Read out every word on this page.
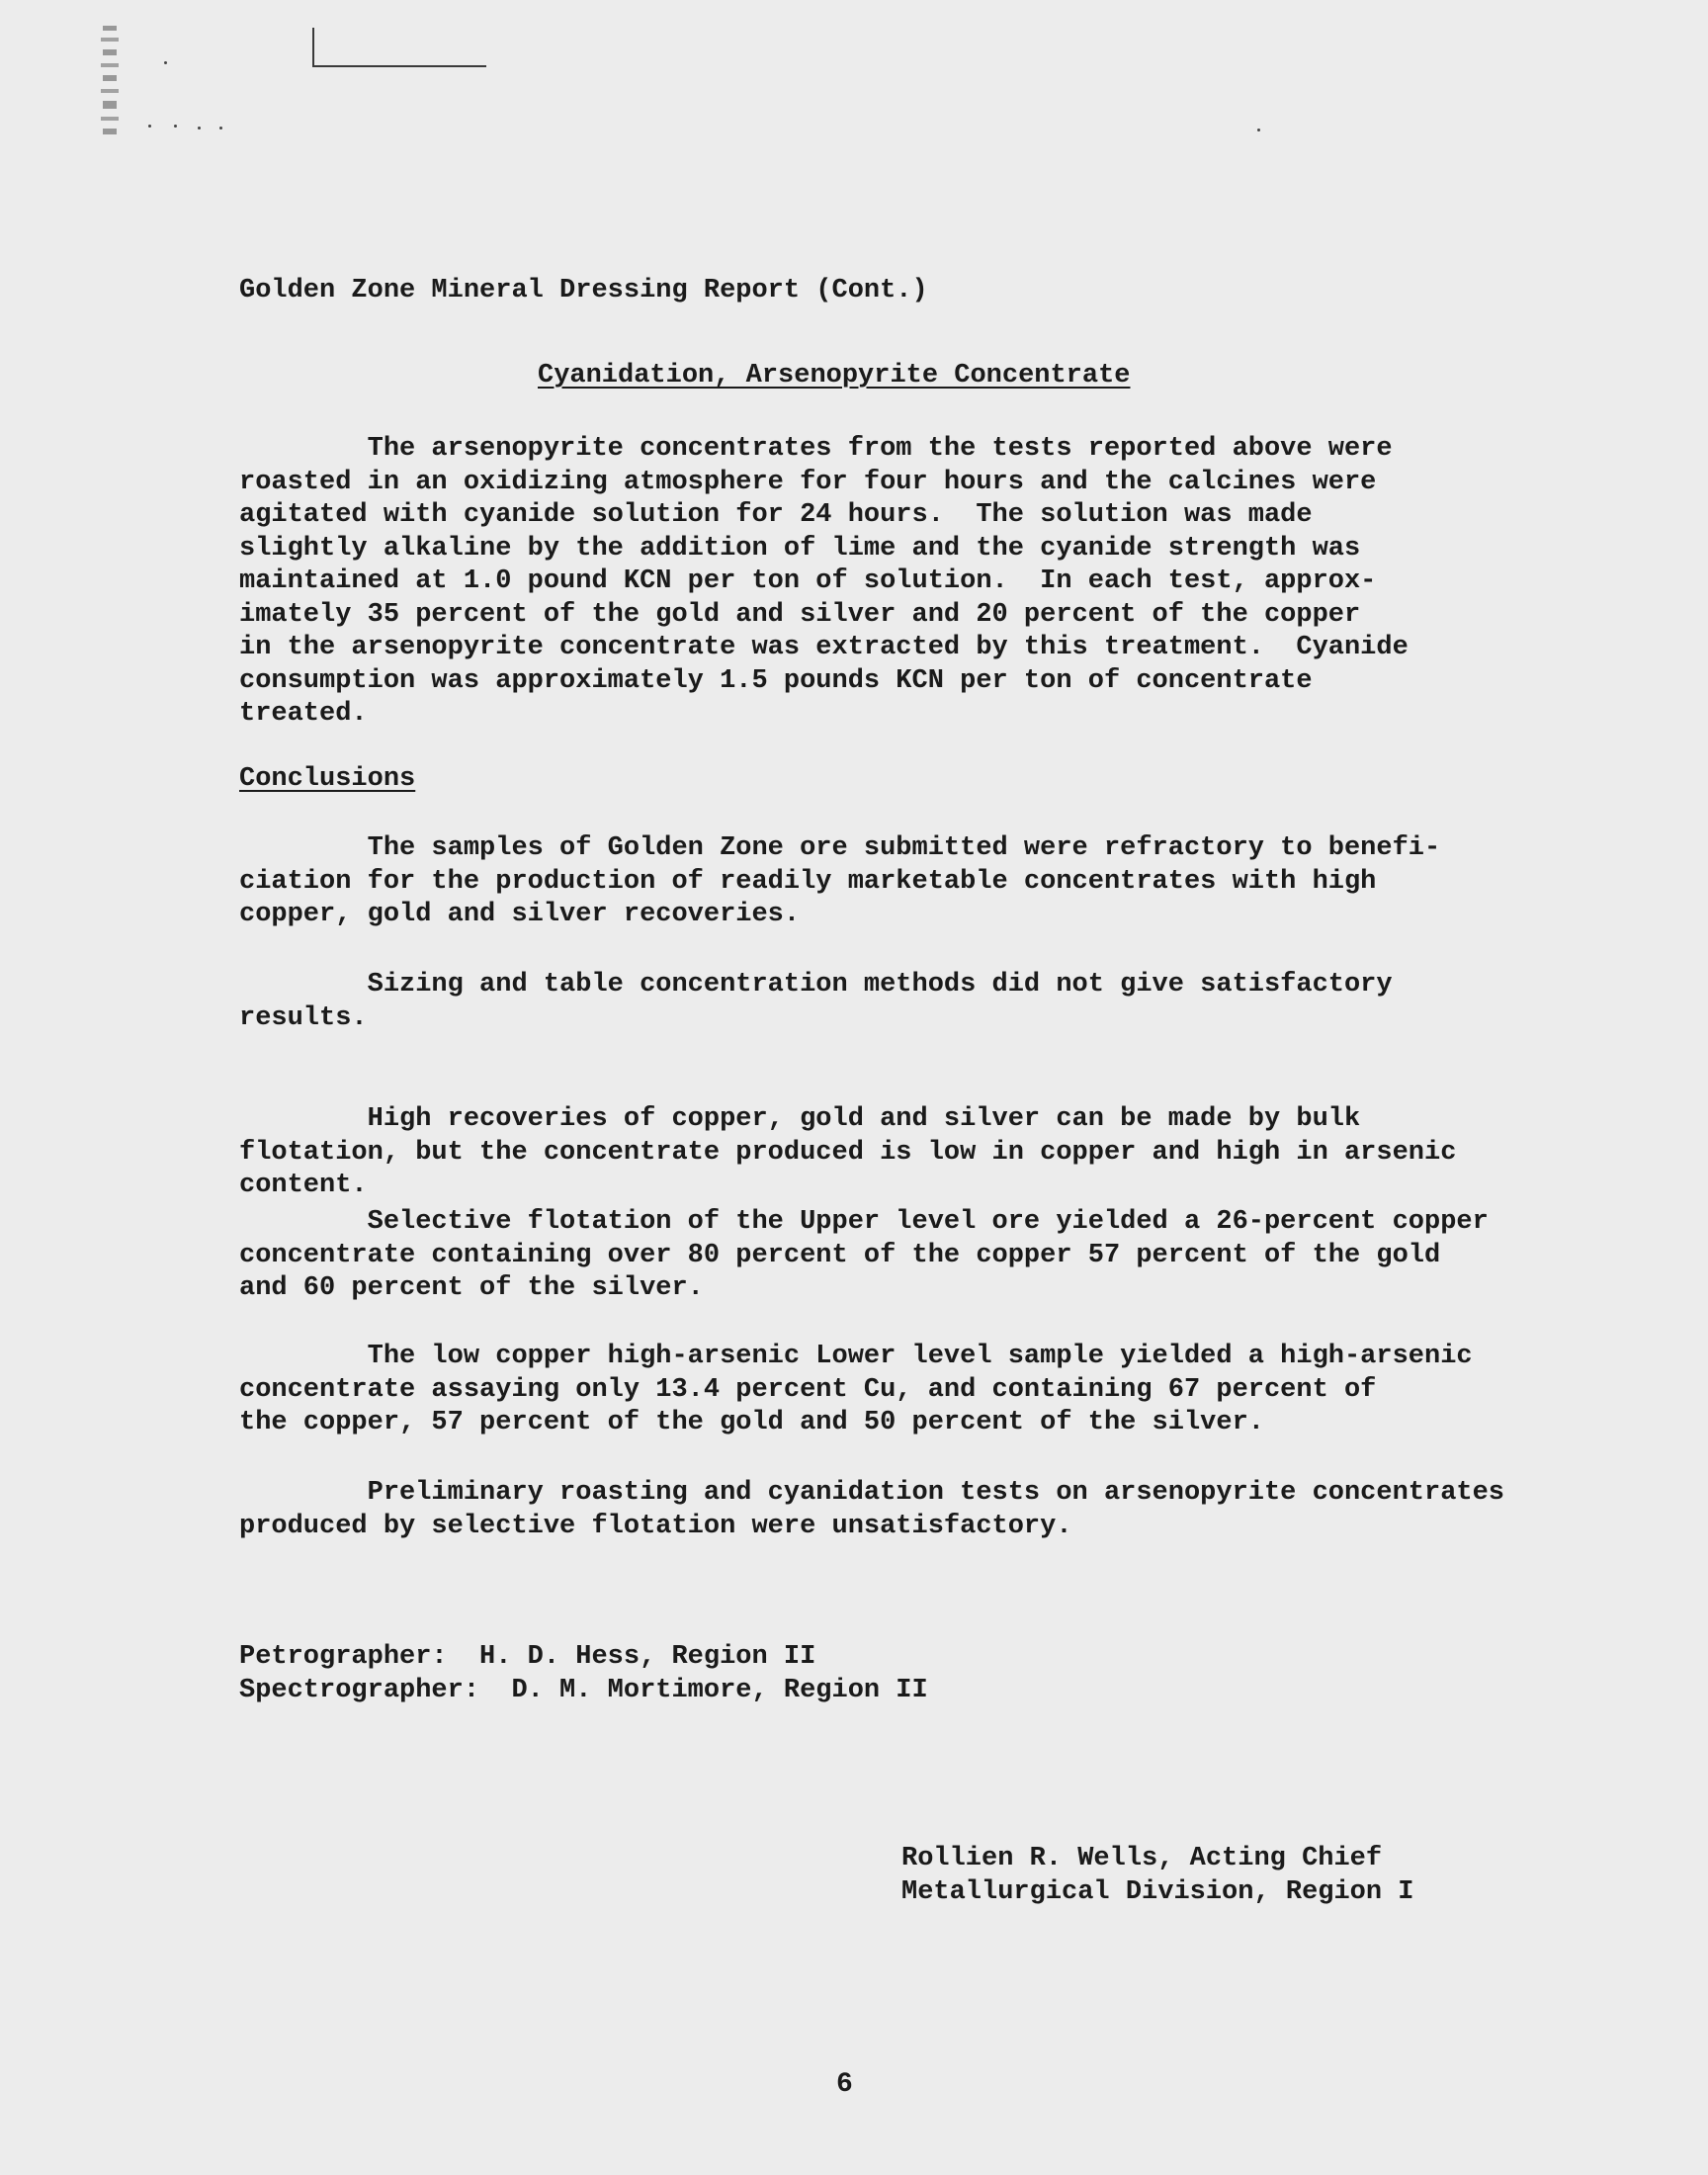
Golden Zone Mineral Dressing Report (Cont.)
Cyanidation, Arsenopyrite Concentrate
The arsenopyrite concentrates from the tests reported above were
roasted in an oxidizing atmosphere for four hours and the calcines were
agitated with cyanide solution for 24 hours.  The solution was made
slightly alkaline by the addition of lime and the cyanide strength was
maintained at 1.0 pound KCN per ton of solution.  In each test, approx-
imately 35 percent of the gold and silver and 20 percent of the copper
in the arsenopyrite concentrate was extracted by this treatment.  Cyanide
consumption was approximately 1.5 pounds KCN per ton of concentrate
treated.
Conclusions
The samples of Golden Zone ore submitted were refractory to benefi-
ciation for the production of readily marketable concentrates with high
copper, gold and silver recoveries.
Sizing and table concentration methods did not give satisfactory
results.
High recoveries of copper, gold and silver can be made by bulk
flotation, but the concentrate produced is low in copper and high in arsenic
content.
Selective flotation of the Upper level ore yielded a 26-percent copper
concentrate containing over 80 percent of the copper 57 percent of the gold
and 60 percent of the silver.
The low copper high-arsenic Lower level sample yielded a high-arsenic
concentrate assaying only 13.4 percent Cu, and containing 67 percent of
the copper, 57 percent of the gold and 50 percent of the silver.
Preliminary roasting and cyanidation tests on arsenopyrite concentrates
produced by selective flotation were unsatisfactory.
Petrographer:  H. D. Hess, Region II
Spectrographer:  D. M. Mortimore, Region II
Rollien R. Wells, Acting Chief
Metallurgical Division, Region I
6
